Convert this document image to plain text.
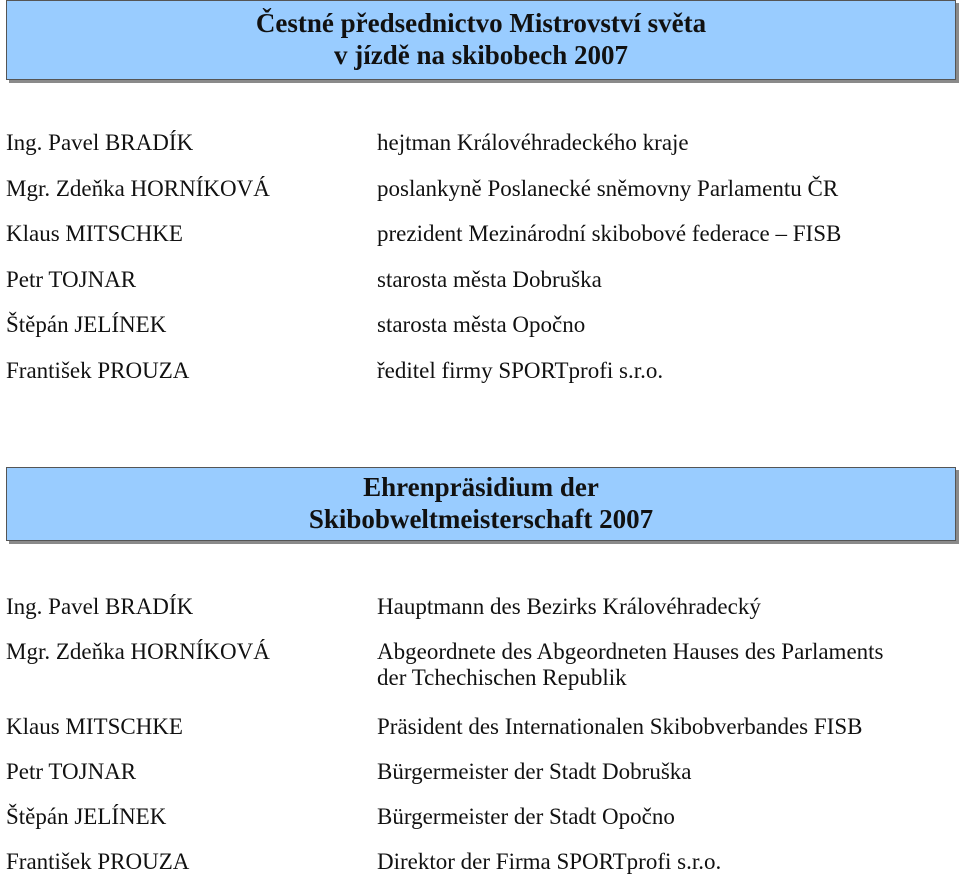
Čestné předsednictvo Mistrovství světa
v jízdě na skibobech 2007
Ing. Pavel BRADÍK	hejtman Královéhradeckého kraje
Mgr. Zdeňka HORNÍKOVÁ	poslankyně Poslanecké sněmovny Parlamentu ČR
Klaus MITSCHKE	prezident Mezinárodní skibobové federace – FISB
Petr TOJNAR	starosta města Dobruška
Štěpán JELÍNEK	starosta města Opočno
František PROUZA	ředitel firmy SPORTprofi s.r.o.
Ehrenpräsidium der
Skibobweltmeisterschaft 2007
Ing. Pavel BRADÍK	Hauptmann des Bezirks Královéhradecký
Mgr. Zdeňka HORNÍKOVÁ	Abgeordnete des Abgeordneten Hauses des Parlaments
der Tchechischen Republik
Klaus MITSCHKE	Präsident des Internationalen Skibobverbandes FISB
Petr TOJNAR	Bürgermeister der Stadt Dobruška
Štěpán JELÍNEK	Bürgermeister der Stadt Opočno
František PROUZA	Direktor der Firma SPORTprofi s.r.o.
